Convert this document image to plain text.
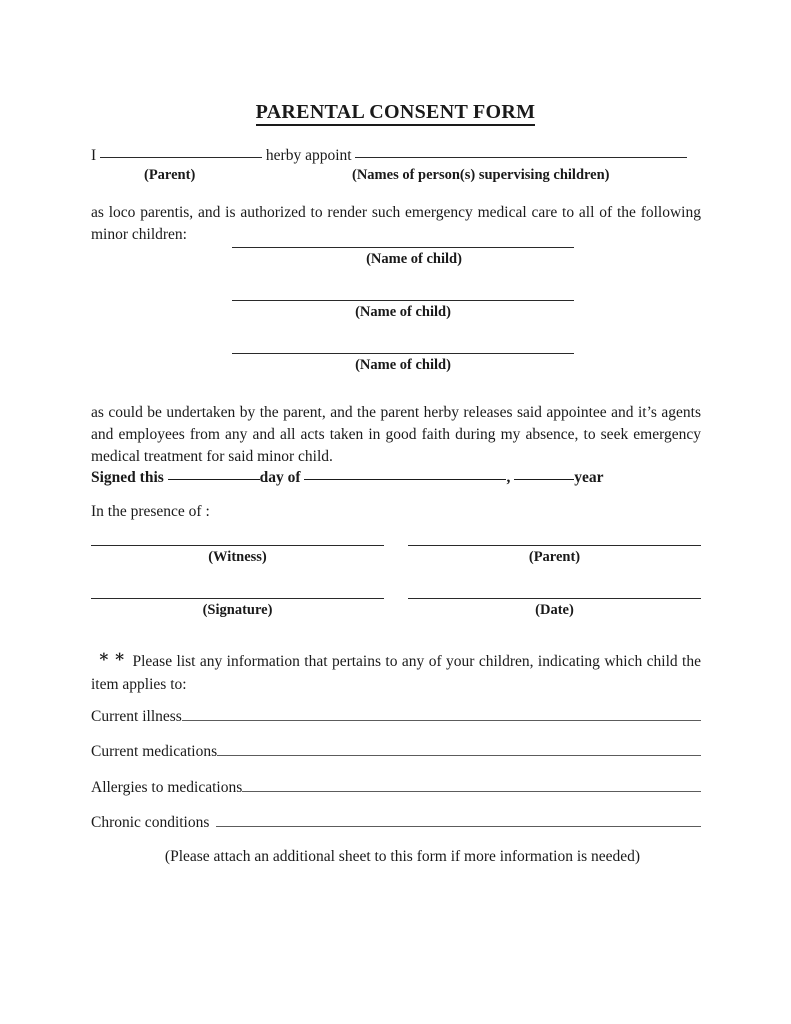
PARENTAL CONSENT FORM
I	herby appoint
(Parent)	(Names of person(s) supervising children)
as loco parentis, and is authorized to render such emergency medical care to all of the following minor children:
(Name of child)
(Name of child)
(Name of child)
as could be undertaken by the parent, and the parent herby releases said appointee and it’s agents and employees from any and all acts taken in good faith during my absence, to seek emergency medical treatment for said minor child.
Signed this	day of	,	year
In the presence of :
(Witness)	(Parent)
(Signature)	(Date)
∗∗ Please list any information that pertains to any of your children, indicating which child the item applies to:
Current illness
Current medications
Allergies to medications
Chronic conditions
(Please attach an additional sheet to this form if more information is needed)
